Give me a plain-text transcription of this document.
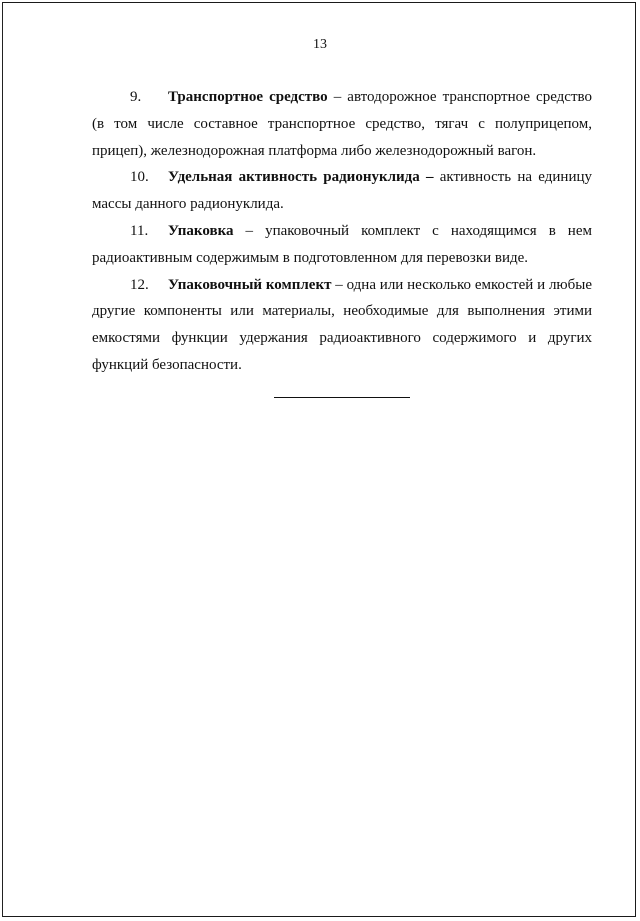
13

9. Транспортное средство – автодорожное транспортное средство (в том числе составное транспортное средство, тягач с полуприцепом, прицеп), железнодорожная платформа либо железнодорожный вагон.

10. Удельная активность радионуклида – активность на единицу массы данного радионуклида.

11. Упаковка – упаковочный комплект с находящимся в нем радиоактивным содержимым в подготовленном для перевозки виде.

12. Упаковочный комплект – одна или несколько емкостей и любые другие компоненты или материалы, необходимые для выполнения этими емкостями функции удержания радиоактивного содержимого и других функций безопасности.
